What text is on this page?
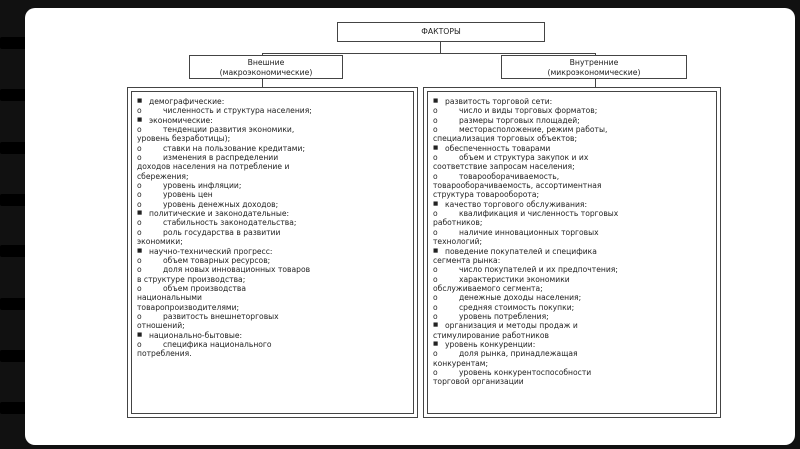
ФАКТОРЫ
Внешние
(макроэкономические)
Внутренние
(микроэкономические)
■ демографические:
o	численность и структура населения;
■ экономические:
o	тенденции развития экономики,
уровень безработицы);
o	ставки на пользование кредитами;
o	изменения в распределении
доходов населения на потребление и
сбережения;
o	уровень инфляции;
o	уровень цен
o	уровень денежных доходов;
■ политические и законодательные:
o	стабильность законодательства;
o	роль государства в развитии
экономики;
■ научно-технический прогресс:
o	объем товарных ресурсов;
o	доля новых инновационных товаров
в структуре производства;
o	объем производства
национальными
товаропроизводителями;
o	развитость внешнеторговых
отношений;
■ национально-бытовые:
o	специфика национального
потребления.
■ развитость торговой сети:
o	число и виды торговых форматов;
o	размеры торговых площадей;
o	месторасположение, режим работы,
специализация торговых объектов;
■ обеспеченность товарами
o	объем и структура закупок и их
соответствие запросам населения;
o	товарооборачиваемость,
товарооборачиваемость, ассортиментная
структура товарооборота;
■ качество торгового обслуживания:
o	квалификация и численность торговых
работников;
o	наличие инновационных торговых
технологий;
■ поведение покупателей и специфика
сегмента рынка:
o	число покупателей и их предпочтения;
o	характеристики экономики
обслуживаемого сегмента;
o	денежные доходы населения;
o	средняя стоимость покупки;
o	уровень потребления;
■ организация и методы продаж и
стимулирование работников
■ уровень конкуренции:
o	доля рынка, принадлежащая
конкурентам;
o	уровень конкурентоспособности
торговой организации
